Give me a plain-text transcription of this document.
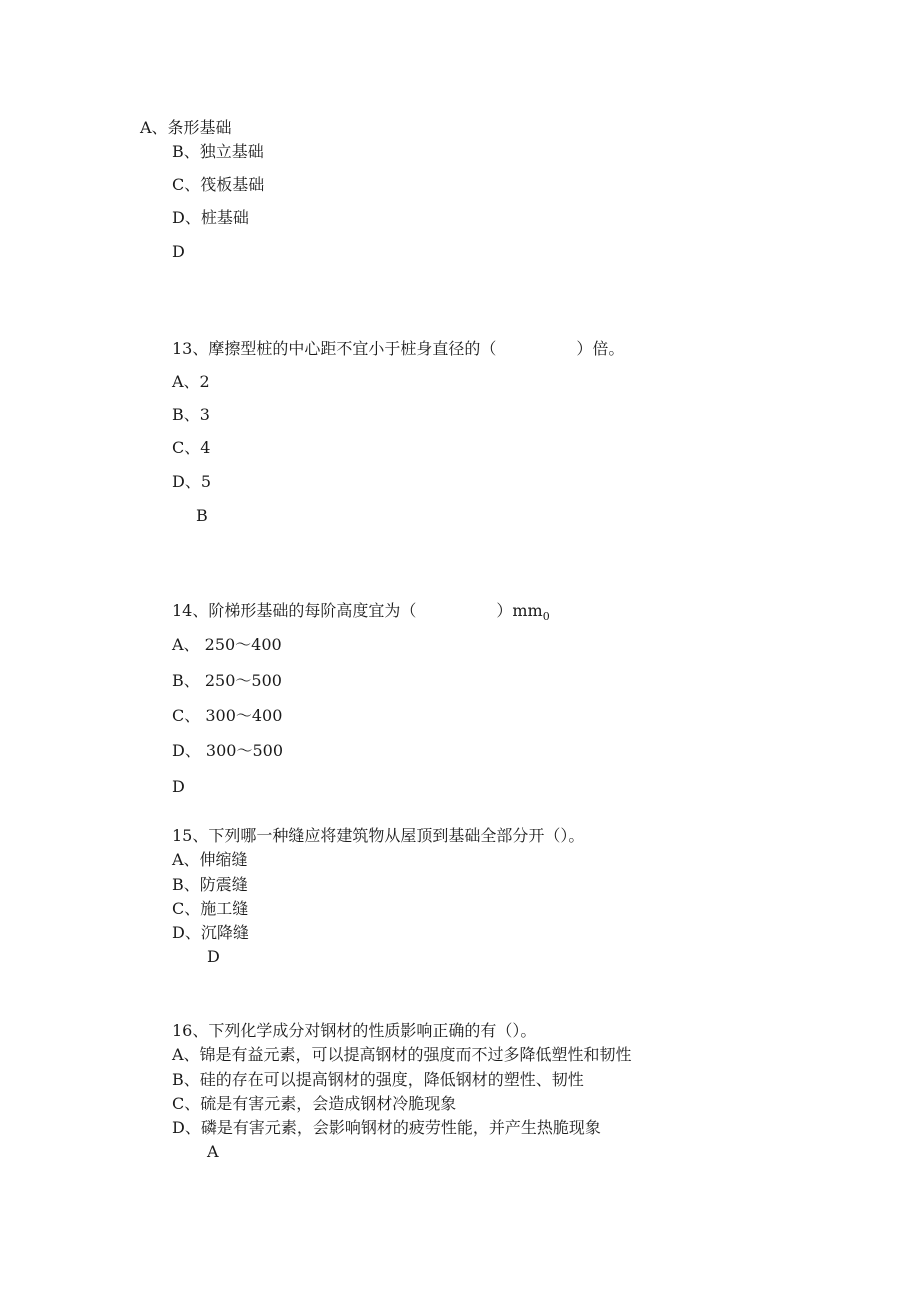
A、条形基础
B、独立基础
C、筏板基础
D、桩基础
D
13、摩擦型桩的中心距不宜小于桩身直径的（　　　　　）倍。
A、2
B、3
C、4
D、5
B
14、阶梯形基础的每阶高度宜为（　　　　　）$mm_0$
A、 250～400
B、 250～500
C、 300～400
D、 300～500
D
15、下列哪一种缝应将建筑物从屋顶到基础全部分开（）。
A、伸缩缝
B、防震缝
C、施工缝
D、沉降缝
D
16、下列化学成分对钢材的性质影响正确的有（）。
A、锦是有益元素，可以提高钢材的强度而不过多降低塑性和韧性
B、硅的存在可以提高钢材的强度，降低钢材的塑性、韧性
C、硫是有害元素，会造成钢材冷脆现象
D、磷是有害元素，会影响钢材的疲劳性能，并产生热脆现象
A
